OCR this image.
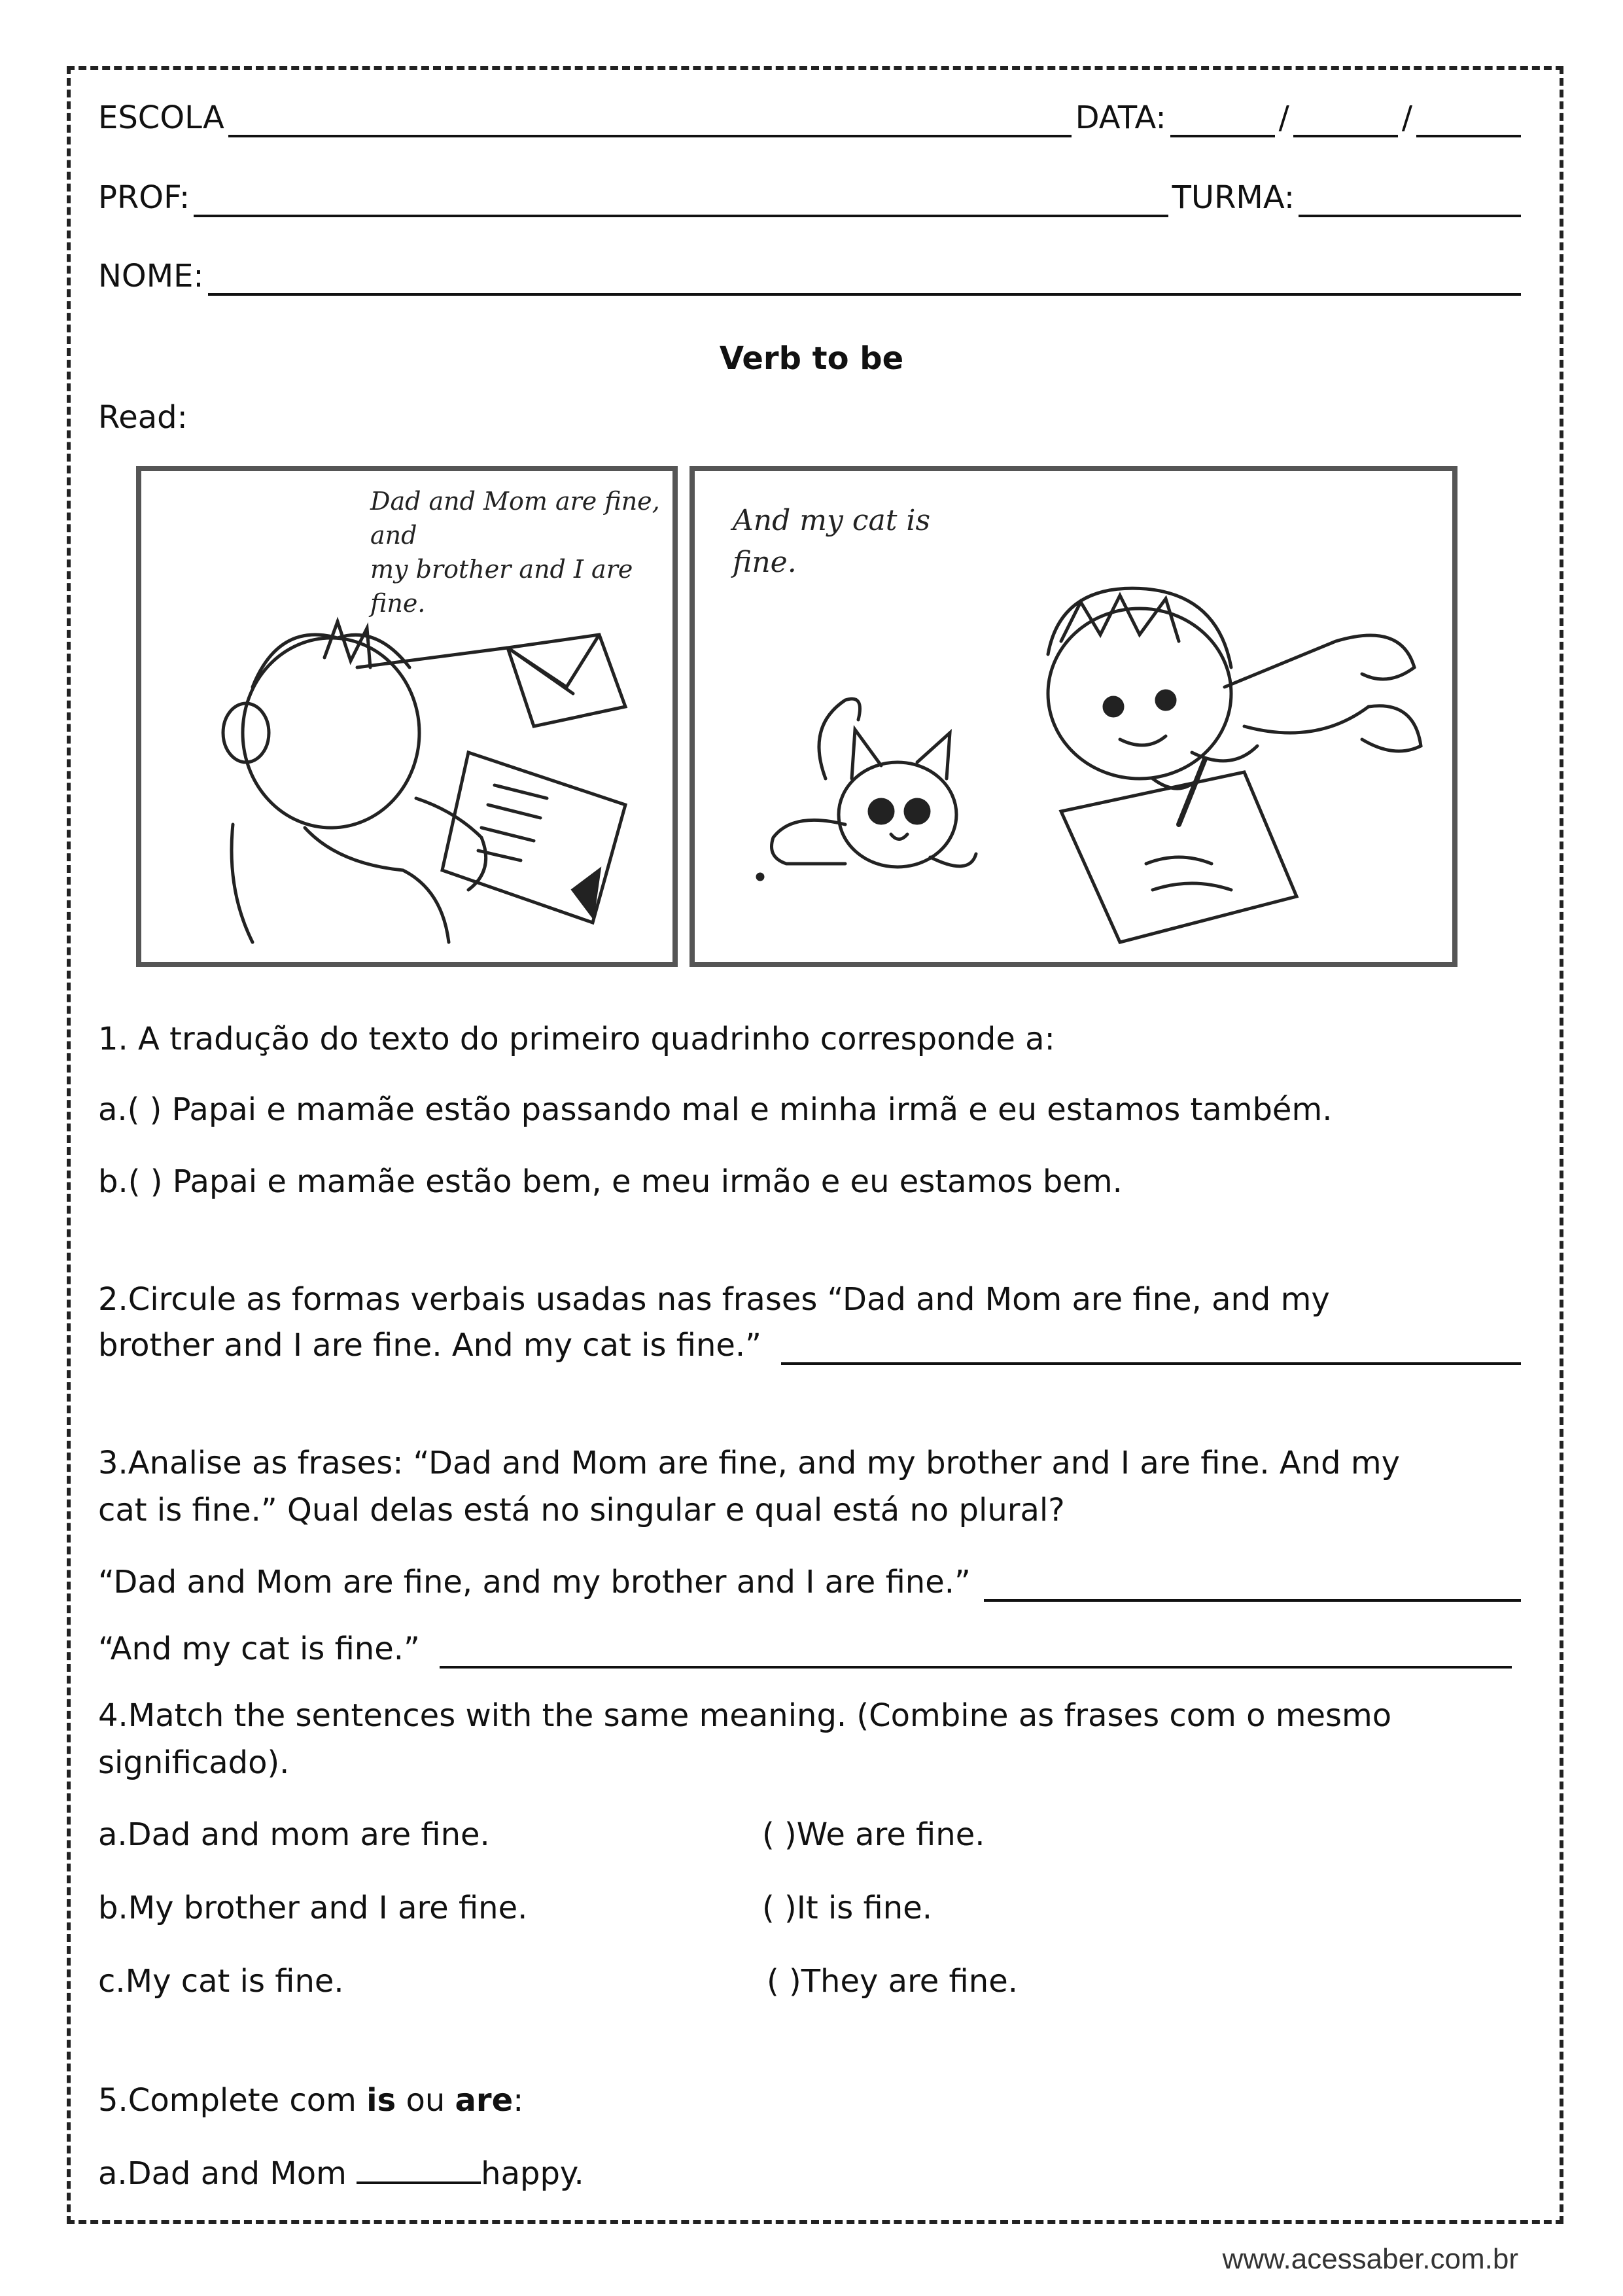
ESCOLA	DATA:	/	/
PROF:	TURMA:
NOME:
Verb to be
Read:
Dad and Mom are fine, and
my brother and I are fine.
And my cat is
fine.
1. A tradução do texto do primeiro quadrinho corresponde a:
a.( ) Papai e mamãe estão passando mal e minha irmã e eu estamos também.
b.( ) Papai e mamãe estão bem, e meu irmão e eu estamos bem.
2.Circule as formas verbais usadas nas frases “Dad and Mom are fine, and my
brother and I are fine. And my cat is fine.”
3.Analise as frases: “Dad and Mom are fine, and my brother and I are fine. And my
cat is fine.” Qual delas está no singular e qual está no plural?
“Dad and Mom are fine, and my brother and I are fine.”
“And my cat is fine.”
4.Match the sentences with the same meaning. (Combine as frases com o mesmo
significado).
a.Dad and mom are fine.	( )We are fine.
b.My brother and I are fine.	( )It is fine.
c.My cat is fine.	( )They are fine.
5.Complete com is ou are:
a.Dad and Mom	happy.
www.acessaber.com.br
